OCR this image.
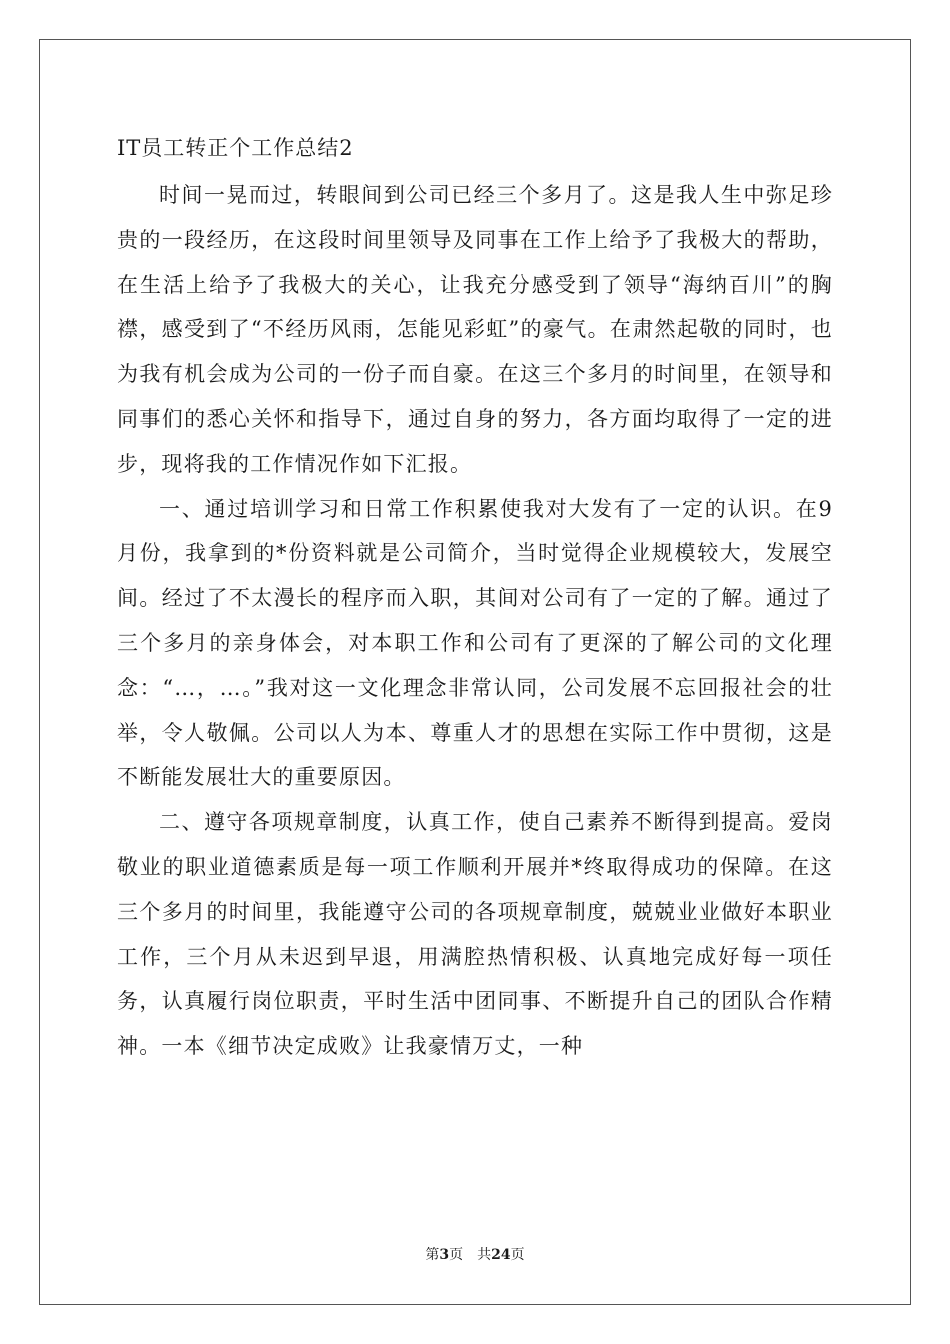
IT员工转正个工作总结2

时间一晃而过，转眼间到公司已经三个多月了。这是我人生中弥足珍贵的一段经历，在这段时间里领导及同事在工作上给予了我极大的帮助，在生活上给予了我极大的关心，让我充分感受到了领导“海纳百川”的胸襟，感受到了“不经历风雨，怎能见彩虹”的豪气。在肃然起敬的同时，也为我有机会成为公司的一份子而自豪。在这三个多月的时间里，在领导和同事们的悉心关怀和指导下，通过自身的努力，各方面均取得了一定的进步，现将我的工作情况作如下汇报。

一、通过培训学习和日常工作积累使我对大发有了一定的认识。在9月份，我拿到的*份资料就是公司简介，当时觉得企业规模较大，发展空间。经过了不太漫长的程序而入职，其间对公司有了一定的了解。通过了三个多月的亲身体会，对本职工作和公司有了更深的了解公司的文化理念：“…，…。”我对这一文化理念非常认同，公司发展不忘回报社会的壮举，令人敬佩。公司以人为本、尊重人才的思想在实际工作中贯彻，这是不断能发展壮大的重要原因。

二、遵守各项规章制度，认真工作，使自己素养不断得到提高。爱岗敬业的职业道德素质是每一项工作顺利开展并*终取得成功的保障。在这三个多月的时间里，我能遵守公司的各项规章制度，兢兢业业做好本职业工作，三个月从未迟到早退，用满腔热情积极、认真地完成好每一项任务，认真履行岗位职责，平时生活中团同事、不断提升自己的团队合作精神。一本《细节决定成败》让我豪情万丈，一种

第3页 共24页
